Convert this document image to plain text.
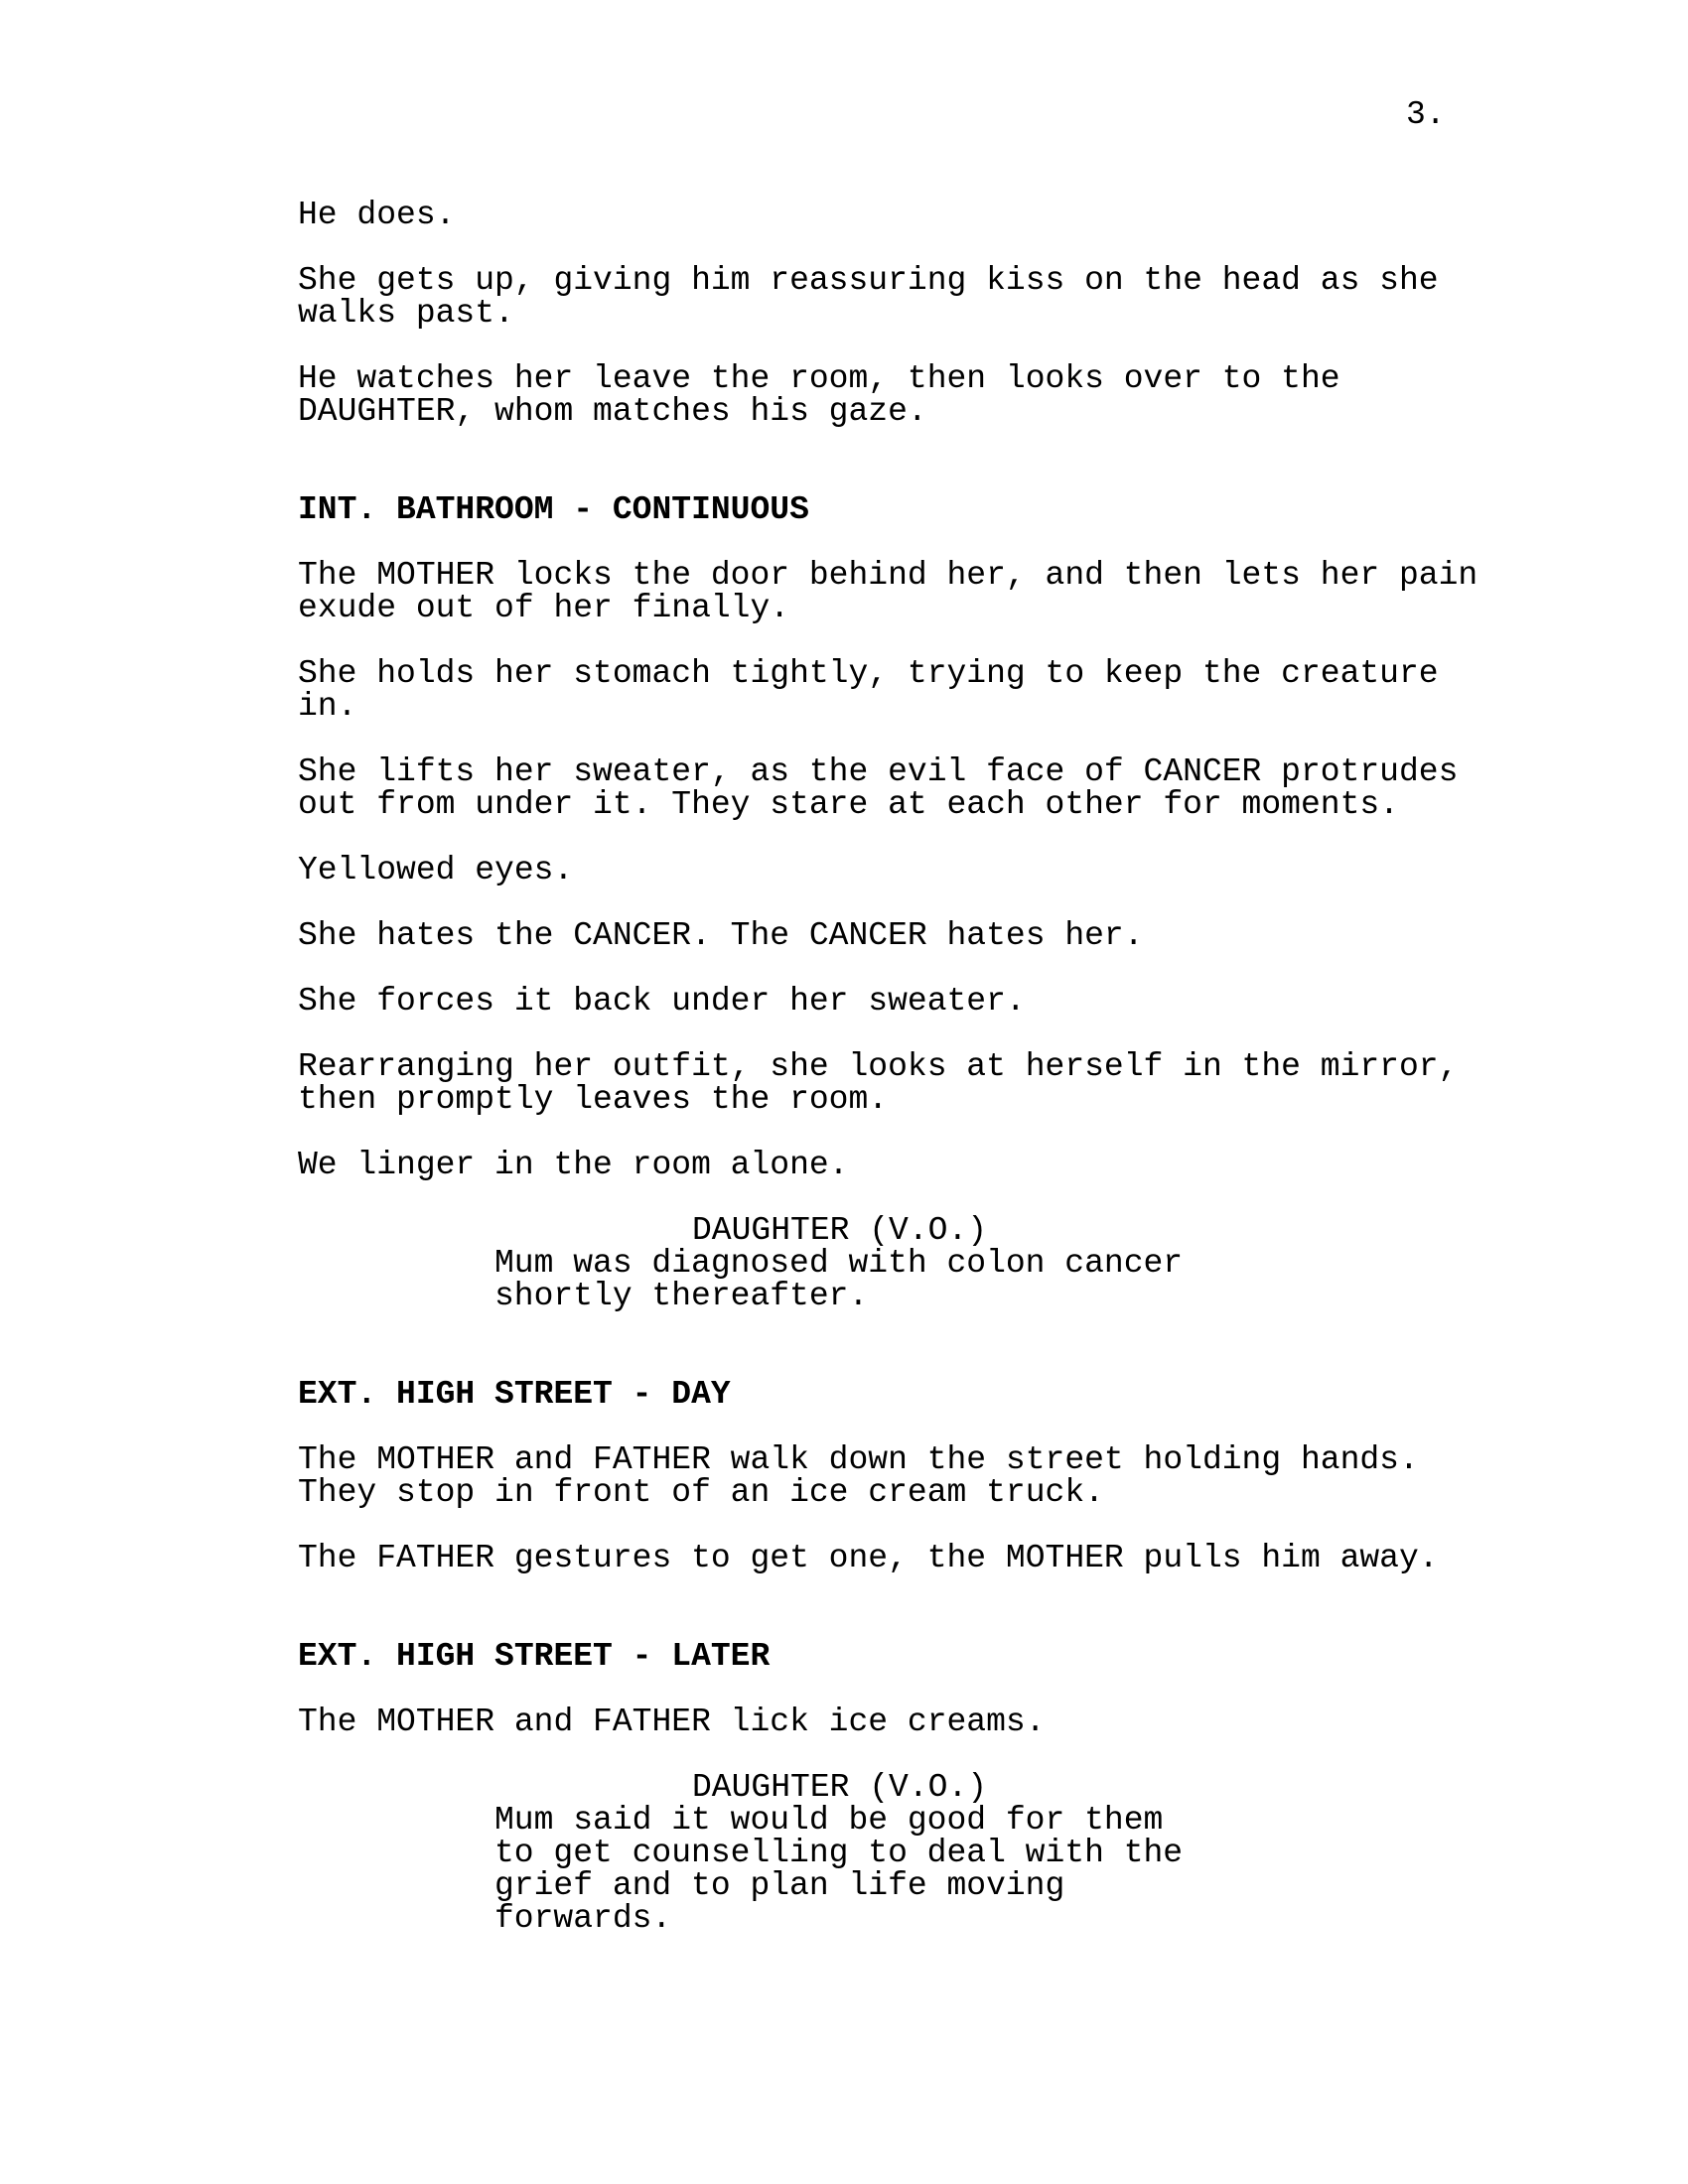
3.
He does.
She gets up, giving him reassuring kiss on the head as she
walks past.
He watches her leave the room, then looks over to the
DAUGHTER, whom matches his gaze.
INT. BATHROOM - CONTINUOUS
The MOTHER locks the door behind her, and then lets her pain
exude out of her finally.
She holds her stomach tightly, trying to keep the creature
in.
She lifts her sweater, as the evil face of CANCER protrudes
out from under it. They stare at each other for moments.
Yellowed eyes.
She hates the CANCER. The CANCER hates her.
She forces it back under her sweater.
Rearranging her outfit, she looks at herself in the mirror,
then promptly leaves the room.
We linger in the room alone.
DAUGHTER (V.O.)
Mum was diagnosed with colon cancer
shortly thereafter.
EXT. HIGH STREET - DAY
The MOTHER and FATHER walk down the street holding hands.
They stop in front of an ice cream truck.
The FATHER gestures to get one, the MOTHER pulls him away.
EXT. HIGH STREET - LATER
The MOTHER and FATHER lick ice creams.
DAUGHTER (V.O.)
Mum said it would be good for them
to get counselling to deal with the
grief and to plan life moving
forwards.
